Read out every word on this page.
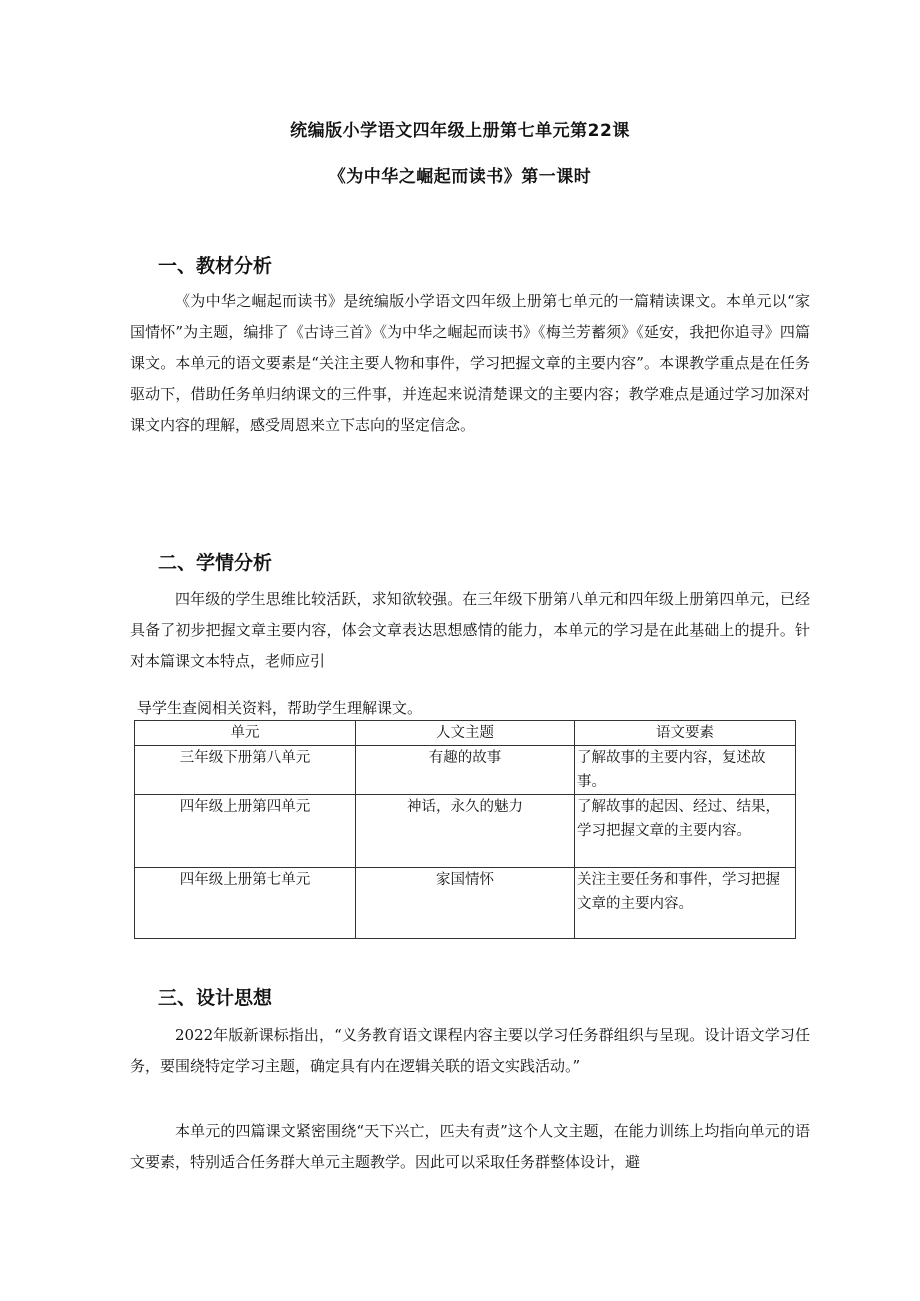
统编版小学语文四年级上册第七单元第22课
《为中华之崛起而读书》第一课时
一、教材分析

《为中华之崛起而读书》是统编版小学语文四年级上册第七单元的一篇精读课文。本单元以“家国情怀”为主题，编排了《古诗三首》《为中华之崛起而读书》《梅兰芳蓄须》《延安，我把你追寻》四篇课文。本单元的语文要素是“关注主要人物和事件，学习把握文章的主要内容”。本课教学重点是在任务驱动下，借助任务单归纳课文的三件事，并连起来说清楚课文的主要内容；教学难点是通过学习加深对课文内容的理解，感受周恩来立下志向的坚定信念。

二、学情分析

四年级的学生思维比较活跃，求知欲较强。在三年级下册第八单元和四年级上册第四单元，已经具备了初步把握文章主要内容，体会文章表达思想感情的能力，本单元的学习是在此基础上的提升。针对本篇课文本特点，老师应引

导学生查阅相关资料，帮助学生理解课文。
单元	人文主题	语文要素
三年级下册第八单元	有趣的故事	了解故事的主要内容，复述故事。
四年级上册第四单元	神话，永久的魅力	了解故事的起因、经过、结果，学习把握文章的主要内容。
四年级上册第七单元	家国情怀	关注主要任务和事件，学习把握文章的主要内容。
三、设计思想

2022年版新课标指出，“义务教育语文课程内容主要以学习任务群组织与呈现。设计语文学习任务，要围绕特定学习主题，确定具有内在逻辑关联的语文实践活动。”

本单元的四篇课文紧密围绕“天下兴亡，匹夫有责”这个人文主题，在能力训练上均指向单元的语文要素，特别适合任务群大单元主题教学。因此可以采取任务群整体设计，避
